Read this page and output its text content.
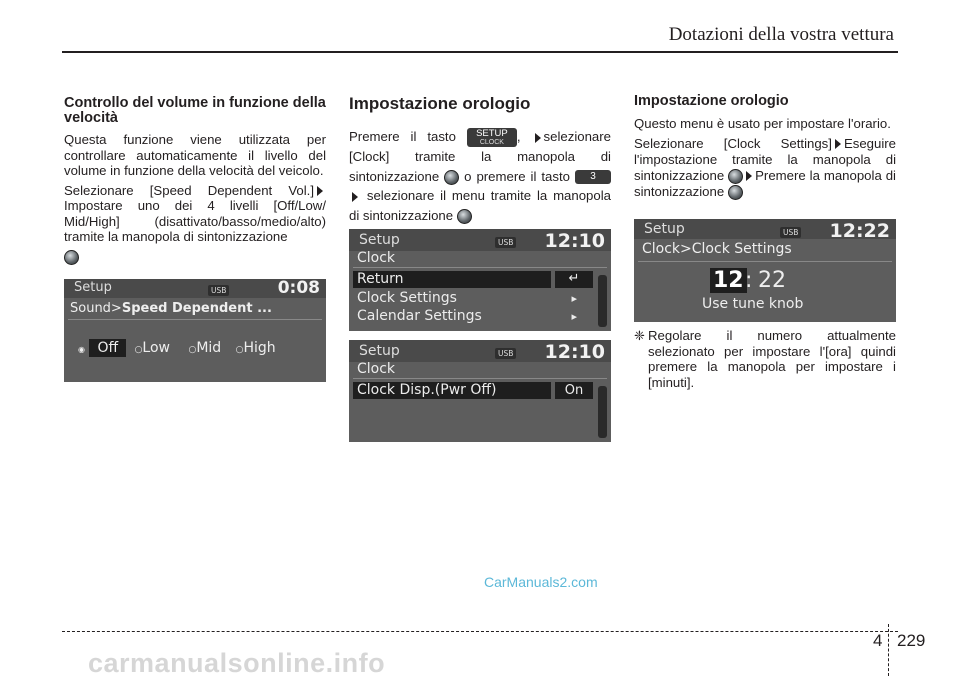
Dotazioni della vostra vettura
Controllo del volume in funzione della velocità

Questa funzione viene utilizzata per controllare automaticamente il livello del volume in funzione della velocità del veicolo.

Selezionare [Speed Dependent Vol.]Impostare uno dei 4 livelli [Off/Low/ Mid/High] (disattivato/basso/medio/alto) tramite la manopola di sintonizzazione

Setup	USB	0:08
Sound>Speed Dependent ...
◉ Off ○Low ○Mid ○High
Impostazione orologio

Premere il tasto SETUP
CLOCK , selezionare [Clock] tramite la manopola di sintonizzazione o premere il tasto 3  selezionare il menu tramite la manopola di sintonizzazione

Setup	USB 12:10
Clock
Return	↵
Clock Settings	▸
Calendar Settings	▸
Setup	USB 12:10
Clock
Clock Disp.(Pwr Off)	On
Impostazione orologio

Questo menu è usato per impostare l'orario.

Selezionare [Clock Settings] Eseguire l'impostazione tramite la manopola di sintonizzazione Premere la manopola di sintonizzazione

Setup	USB 12:22
Clock>Clock Settings
12 : 22
Use tune knob
❈ Regolare il numero attualmente selezionato per impostare l'[ora] quindi premere la manopola per impostare i [minuti].

CarManuals2.com
4 229
carmanualsonline.info
